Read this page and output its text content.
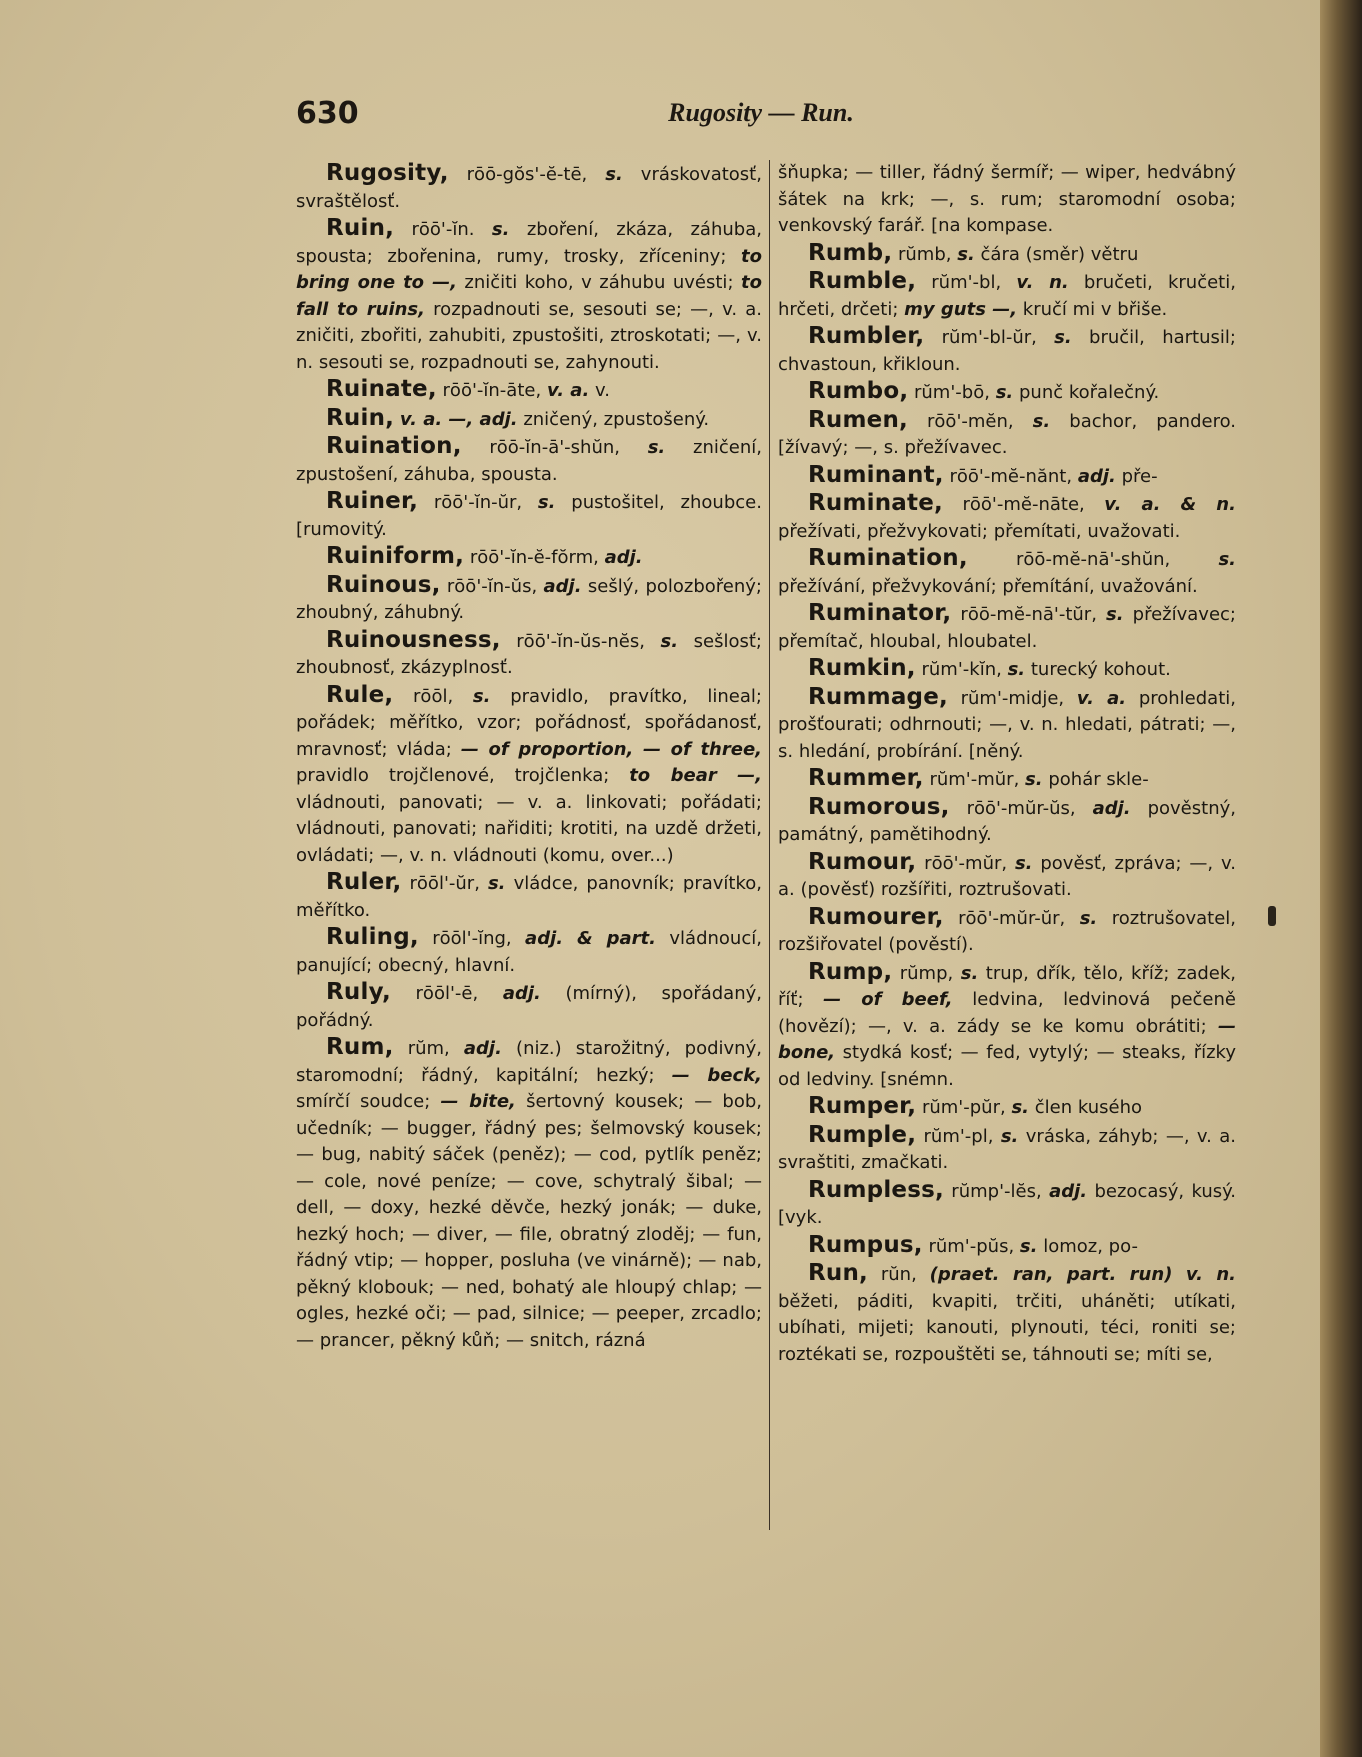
630	Rugosity — Run.

Rugosity, rōō-gŏs'-ĕ-tē, s. vráskovatosť, svraštělosť.

Ruin, rōō'-ĭn. s. zboření, zkáza, záhuba, spousta; zbořenina, rumy, trosky, zříceniny; to bring one to —, zničiti koho, v záhubu uvésti; to fall to ruins, rozpadnouti se, sesouti se; —, v. a. zničiti, zbořiti, zahubiti, zpustošiti, ztroskotati; —, v. n. sesouti se, rozpadnouti se, zahynouti.

Ruinate, rōō'-ĭn-āte, v. a. v.

Ruin, v. a. —, adj. zničený, zpustošený.

Ruination, rōō-ĭn-ā'-shŭn, s. zničení, zpustošení, záhuba, spousta.

Ruiner, rōō'-ĭn-ŭr, s. pustošitel, zhoubce. [rumovitý.

Ruiniform, rōō'-ĭn-ĕ-fŏrm, adj.

Ruinous, rōō'-ĭn-ŭs, adj. sešlý, polozbořený; zhoubný, záhubný.

Ruinousness, rōō'-ĭn-ŭs-nĕs, s. sešlosť; zhoubnosť, zkázyplnosť.

Rule, rōōl, s. pravidlo, pravítko, lineal; pořádek; měřítko, vzor; pořádnosť, spořádanosť, mravnosť; vláda; — of proportion, — of three, pravidlo trojčlenové, trojčlenka; to bear —, vládnouti, panovati; — v. a. linkovati; pořádati; vládnouti, panovati; nařiditi; krotiti, na uzdě držeti, ovládati; —, v. n. vládnouti (komu, over...)

Ruler, rōōl'-ŭr, s. vládce, panovník; pravítko, měřítko.

Ruling, rōōl'-ĭng, adj. & part. vládnoucí, panující; obecný, hlavní.

Ruly, rōōl'-ē, adj. (mírný), spořádaný, pořádný.

Rum, rŭm, adj. (niz.) starožitný, podivný, staromodní; řádný, kapitální; hezký; — beck, smírčí soudce; — bite, šertovný kousek; — bob, učedník; — bugger, řádný pes; šelmovský kousek; — bug, nabitý sáček (peněz); — cod, pytlík peněz; — cole, nové peníze; — cove, schytralý šibal; — dell, — doxy, hezké děvče, hezký jonák; — duke, hezký hoch; — diver, — file, obratný zloděj; — fun, řádný vtip; — hopper, posluha (ve vinárně); — nab, pěkný klobouk; — ned, bohatý ale hloupý chlap; — ogles, hezké oči; — pad, silnice; — peeper, zrcadlo; — prancer, pěkný kůň; — snitch, rázná

šňupka; — tiller, řádný šermíř; — wiper, hedvábný šátek na krk; —, s. rum; staromodní osoba; venkovský farář. [na kompase.

Rumb, rŭmb, s. čára (směr) větru

Rumble, rŭm'-bl, v. n. bručeti, kručeti, hrčeti, drčeti; my guts —, kručí mi v břiše.

Rumbler, rŭm'-bl-ŭr, s. bručil, hartusil; chvastoun, křikloun.

Rumbo, rŭm'-bō, s. punč kořalečný.

Rumen, rōō'-mĕn, s. bachor, pandero. [žívavý; —, s. přežívavec.

Ruminant, rōō'-mĕ-nănt, adj. pře-

Ruminate, rōō'-mĕ-nāte, v. a. & n. přežívati, přežvykovati; přemítati, uvažovati.

Rumination,	rōō-mĕ-nā'-shŭn,	s. přežívání, přežvykování; přemítání, uvažování.

Ruminator, rōō-mĕ-nā'-tŭr, s. přežívavec; přemítač, hloubal, hloubatel.

Rumkin, rŭm'-kĭn, s. turecký kohout.

Rummage, rŭm'-midje, v. a. prohledati, prošťourati; odhrnouti; —, v. n. hledati, pátrati; —, s. hledání, probírání. [něný.

Rummer, rŭm'-mŭr, s. pohár skle-

Rumorous, rōō'-mŭr-ŭs, adj. pověstný, památný, pamětihodný.

Rumour, rōō'-mŭr, s. pověsť, zpráva; —, v. a. (pověsť) rozšířiti, roztrušovati.

Rumourer, rōō'-mŭr-ŭr, s. roztrušovatel, rozšiřovatel (pověstí).

Rump, rŭmp, s. trup, dřík, tělo, kříž; zadek, říť; — of beef, ledvina, ledvinová pečeně (hovězí); —, v. a. zády se ke komu obrátiti; — bone, stydká kosť; — fed, vytylý; — steaks, řízky od ledviny. [snémn.

Rumper, rŭm'-pŭr, s. člen kusého

Rumple, rŭm'-pl, s. vráska, záhyb; —, v. a. svraštiti, zmačkati.

Rumpless, rŭmp'-lĕs, adj. bezocasý, kusý. [vyk.

Rumpus, rŭm'-pŭs, s. lomoz, po-

Run, rŭn, (praet. ran, part. run) v. n. běžeti, páditi, kvapiti, trčiti, uháněti; utíkati, ubíhati, mijeti; kanouti, plynouti, téci, roniti se; roztékati se, rozpouštěti se, táhnouti se; míti se,
